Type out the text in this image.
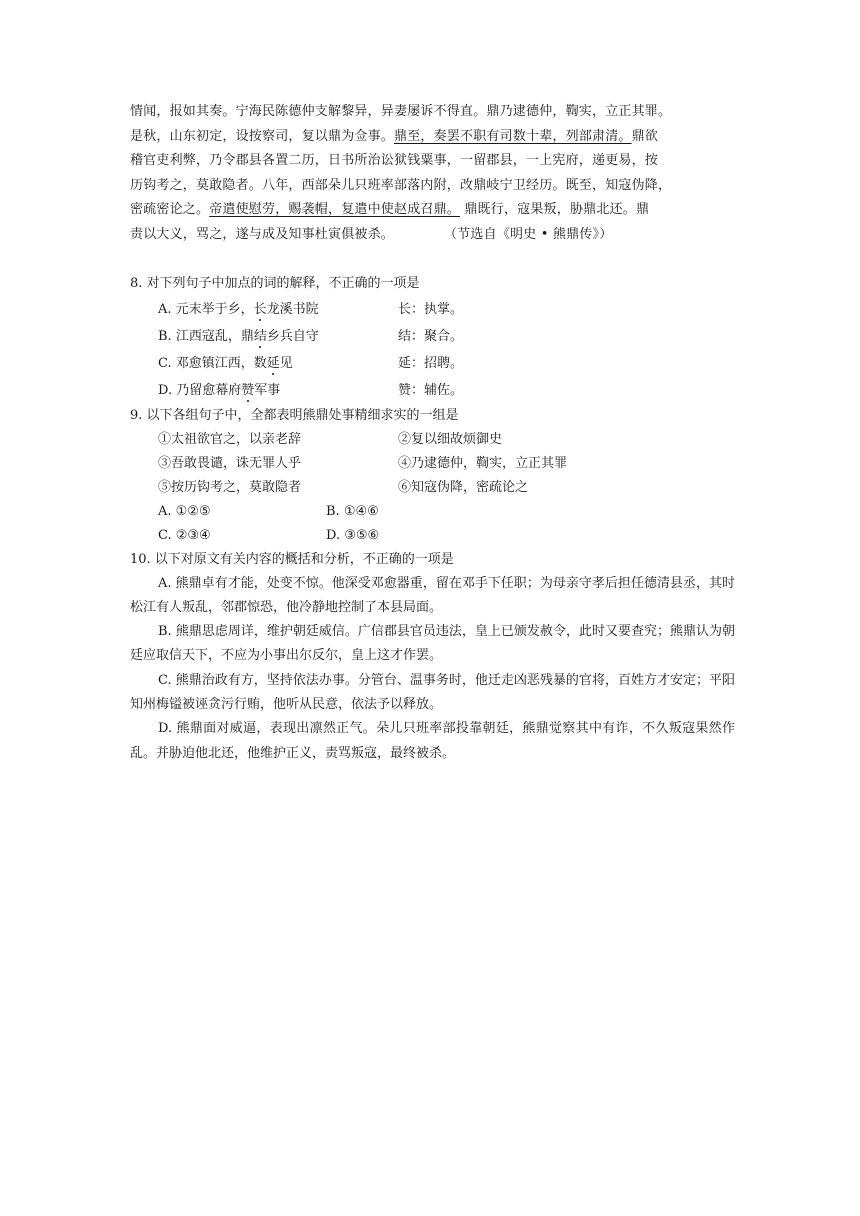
情闻，报如其奏。宁海民陈德仲支解黎异，异妻屡诉不得直。鼎乃逮德仲，鞫实，立正其罪。

是秋，山东初定，设按察司，复以鼎为佥事。鼎至，奏罢不职有司数十辈，列部肃清。鼎欲

稽官吏利弊，乃令郡县各置二历，日书所治讼狱钱粟事，一留郡县，一上宪府，递更易，按

历钩考之，莫敢隐者。八年，西部朵儿只班率部落内附，改鼎岐宁卫经历。既至，知寇伪降，

密疏密论之。帝遣使慰劳，赐袭帽，复遣中使赵成召鼎。 鼎既行，寇果叛，胁鼎北还。鼎

责以大义，骂之，遂与成及知事杜寅俱被杀。	（节选自《明史 • 熊鼎传》）

8. 对下列句子中加点的词的解释，不正确的一项是

A. 元末举于乡，长龙溪书院	长：执掌。
B. 江西寇乱，鼎结乡兵自守	结：聚合。
C. 邓愈镇江西，数延见	延：招聘。
D. 乃留愈幕府赞军事	赞：辅佐。

9. 以下各组句子中，全都表明熊鼎处事精细求实的一组是

①太祖欲官之，以亲老辞	②复以细故烦御史
③吾敢畏谴，诛无罪人乎	④乃逮德仲，鞫实，立正其罪
⑤按历钩考之，莫敢隐者	⑥知寇伪降，密疏论之
A. ①②⑤	B. ①④⑥
C. ②③④	D. ③⑤⑥

10. 以下对原文有关内容的概括和分析，不正确的一项是

A. 熊鼎卓有才能，处变不惊。他深受邓愈器重，留在邓手下任职；为母亲守孝后担任德清县丞，其时松江有人叛乱，邻郡惊恐，他冷静地控制了本县局面。

B. 熊鼎思虑周详，维护朝廷威信。广信郡县官员违法，皇上已颁发赦令，此时又要查究；熊鼎认为朝廷应取信天下，不应为小事出尔反尔，皇上这才作罢。

C. 熊鼎治政有方，坚持依法办事。分管台、温事务时，他迁走凶恶残暴的官将，百姓方才安定；平阳知州梅镒被诬贪污行贿，他听从民意，依法予以释放。

D. 熊鼎面对威逼，表现出凛然正气。朵儿只班率部投靠朝廷，熊鼎觉察其中有诈，不久叛寇果然作乱。并胁迫他北还，他维护正义，责骂叛寇，最终被杀。
